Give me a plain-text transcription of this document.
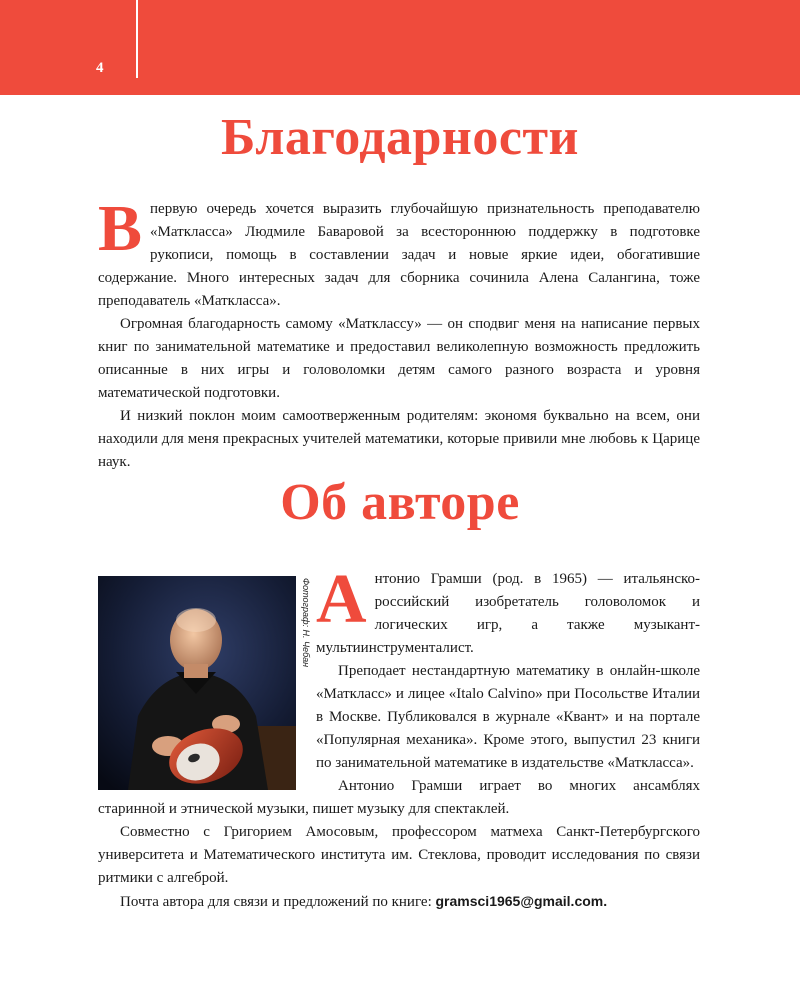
4
Благодарности
В первую очередь хочется выразить глубочайшую признательность преподавателю «Маткласса» Людмиле Баваровой за всестороннюю поддержку в подготовке рукописи, помощь в составлении задач и новые яркие идеи, обогатившие содержание. Много интересных задач для сборника сочинила Алена Салангина, тоже преподаватель «Маткласса».

Огромная благодарность самому «Матклассу» — он сподвиг меня на написание первых книг по занимательной математике и предоставил великолепную возможность предложить описанные в них игры и головоломки детям самого разного возраста и уровня математической подготовки.

И низкий поклон моим самоотверженным родителям: экономя буквально на всем, они находили для меня прекрасных учителей математики, которые привили мне любовь к Царице наук.

Об авторе
Фотограф: Н. Чебан А нтонио Грамши (род. в 1965) — итальянско-российский изобретатель головоломок и логических игр, а также музыкант-мультиинструменталист.

Преподает нестандартную математику в онлайн-школе «Маткласс» и лицее «Italo Calvino» при Посольстве Италии в Москве. Публиковался в журнале «Квант» и на портале «Популярная механика». Кроме этого, выпустил 23 книги по занимательной математике в издательстве «Маткласса».

Антонио Грамши играет во многих ансамблях старинной и этнической музыки, пишет музыку для спектаклей.

Совместно с Григорием Амосовым, профессором матмеха Санкт-Петербургского университета и Математического института им. Стеклова, проводит исследования по связи ритмики с алгеброй.

Почта автора для связи и предложений по книге: gramsci1965@gmail.com.
